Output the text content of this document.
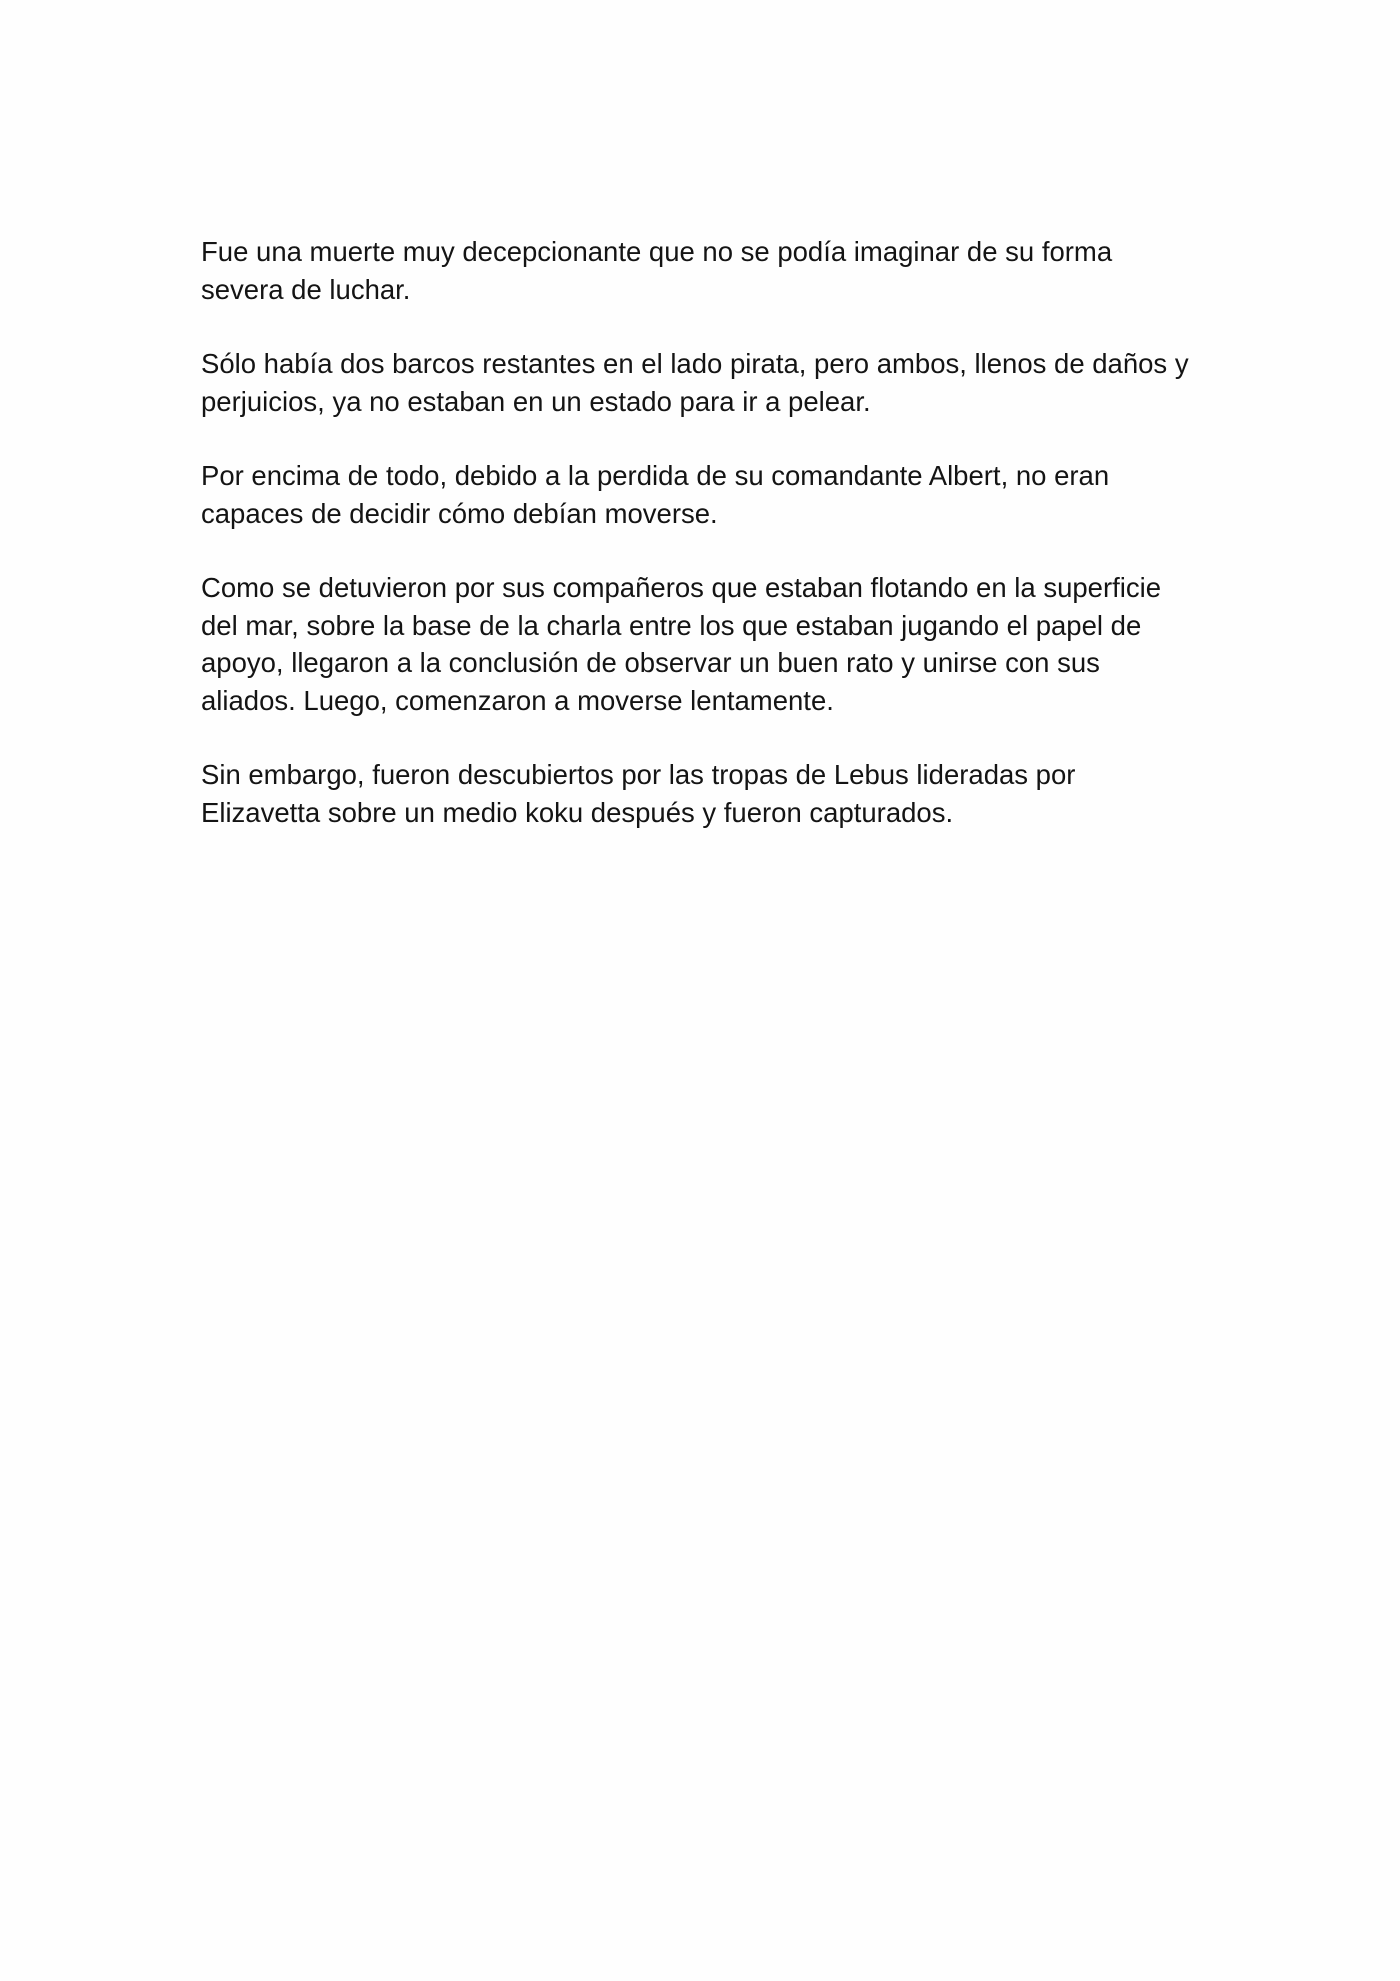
Fue una muerte muy decepcionante que no se podía imaginar de su forma
severa de luchar.

Sólo había dos barcos restantes en el lado pirata, pero ambos, llenos de daños y
perjuicios, ya no estaban en un estado para ir a pelear.

Por encima de todo, debido a la perdida de su comandante Albert, no eran
capaces de decidir cómo debían moverse.

Como se detuvieron por sus compañeros que estaban flotando en la superficie
del mar, sobre la base de la charla entre los que estaban jugando el papel de
apoyo, llegaron a la conclusión de observar un buen rato y unirse con sus
aliados. Luego, comenzaron a moverse lentamente.

Sin embargo, fueron descubiertos por las tropas de Lebus lideradas por
Elizavetta sobre un medio koku después y fueron capturados.
